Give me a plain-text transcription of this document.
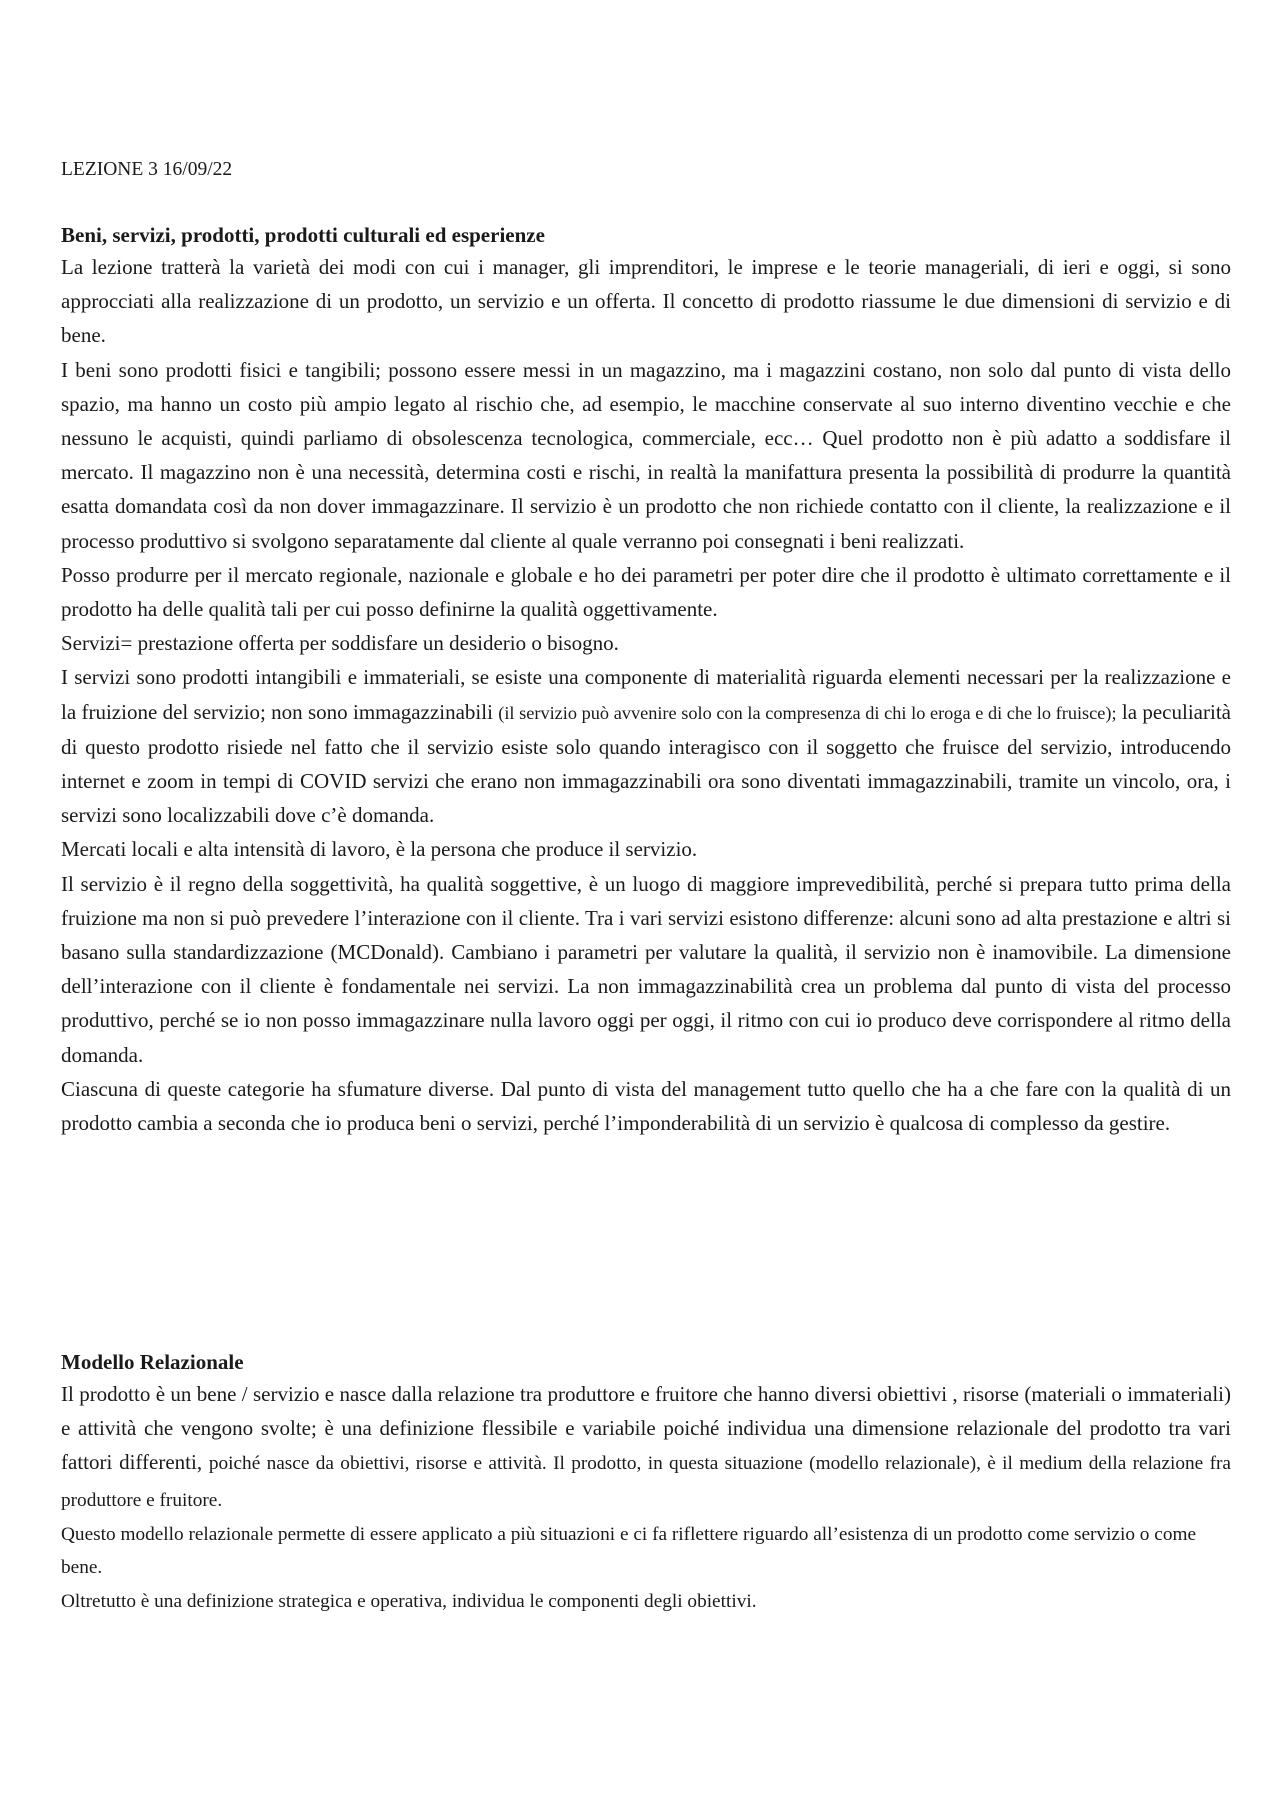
LEZIONE 3 16/09/22

Beni, servizi, prodotti, prodotti culturali ed esperienze

La lezione tratterà la varietà dei modi con cui i manager, gli imprenditori, le imprese e le teorie manageriali, di ieri e oggi, si sono approcciati alla realizzazione di un prodotto, un servizio e un offerta. Il concetto di prodotto riassume le due dimensioni di servizio e di bene.

I beni sono prodotti fisici e tangibili; possono essere messi in un magazzino, ma i magazzini costano, non solo dal punto di vista dello spazio, ma hanno un costo più ampio legato al rischio che, ad esempio, le macchine conservate al suo interno diventino vecchie e che nessuno le acquisti, quindi parliamo di obsolescenza tecnologica, commerciale, ecc… Quel prodotto non è più adatto a soddisfare il mercato. Il magazzino non è una necessità, determina costi e rischi, in realtà la manifattura presenta la possibilità di produrre la quantità esatta domandata così da non dover immagazzinare. Il servizio è un prodotto che non richiede contatto con il cliente, la realizzazione e il processo produttivo si svolgono separatamente dal cliente al quale verranno poi consegnati i beni realizzati.

Posso produrre per il mercato regionale, nazionale e globale e ho dei parametri per poter dire che il prodotto è ultimato correttamente e il prodotto ha delle qualità tali per cui posso definirne la qualità oggettivamente.

Servizi= prestazione offerta per soddisfare un desiderio o bisogno.

I servizi sono prodotti intangibili e immateriali, se esiste una componente di materialità riguarda elementi necessari per la realizzazione e la fruizione del servizio; non sono immagazzinabili (il servizio può avvenire solo con la compresenza di chi lo eroga e di che lo fruisce); la peculiarità di questo prodotto risiede nel fatto che il servizio esiste solo quando interagisco con il soggetto che fruisce del servizio, introducendo internet e zoom in tempi di COVID servizi che erano non immagazzinabili ora sono diventati immagazzinabili, tramite un vincolo, ora, i servizi sono localizzabili dove c’è domanda.

Mercati locali e alta intensità di lavoro, è la persona che produce il servizio.

Il servizio è il regno della soggettività, ha qualità soggettive, è un luogo di maggiore imprevedibilità, perché si prepara tutto prima della fruizione ma non si può prevedere l’interazione con il cliente. Tra i vari servizi esistono differenze: alcuni sono ad alta prestazione e altri si basano sulla standardizzazione (MCDonald). Cambiano i parametri per valutare la qualità, il servizio non è inamovibile. La dimensione dell’interazione con il cliente è fondamentale nei servizi. La non immagazzinabilità crea un problema dal punto di vista del processo produttivo, perché se io non posso immagazzinare nulla lavoro oggi per oggi, il ritmo con cui io produco deve corrispondere al ritmo della domanda.

Ciascuna di queste categorie ha sfumature diverse. Dal punto di vista del management tutto quello che ha a che fare con la qualità di un prodotto cambia a seconda che io produca beni o servizi, perché l’imponderabilità di un servizio è qualcosa di complesso da gestire.

Modello Relazionale

Il prodotto è un bene / servizio e nasce dalla relazione tra produttore e fruitore che hanno diversi obiettivi , risorse (materiali o immateriali) e attività che vengono svolte; è una definizione flessibile e variabile poiché individua una dimensione relazionale del prodotto tra vari fattori differenti, poiché nasce da obiettivi, risorse e attività. Il prodotto, in questa situazione (modello relazionale), è il medium della relazione fra produttore e fruitore.

Questo modello relazionale permette di essere applicato a più situazioni e ci fa riflettere riguardo all’esistenza di un prodotto come servizio o come bene.

Oltretutto è una definizione strategica e operativa, individua le componenti degli obiettivi.
